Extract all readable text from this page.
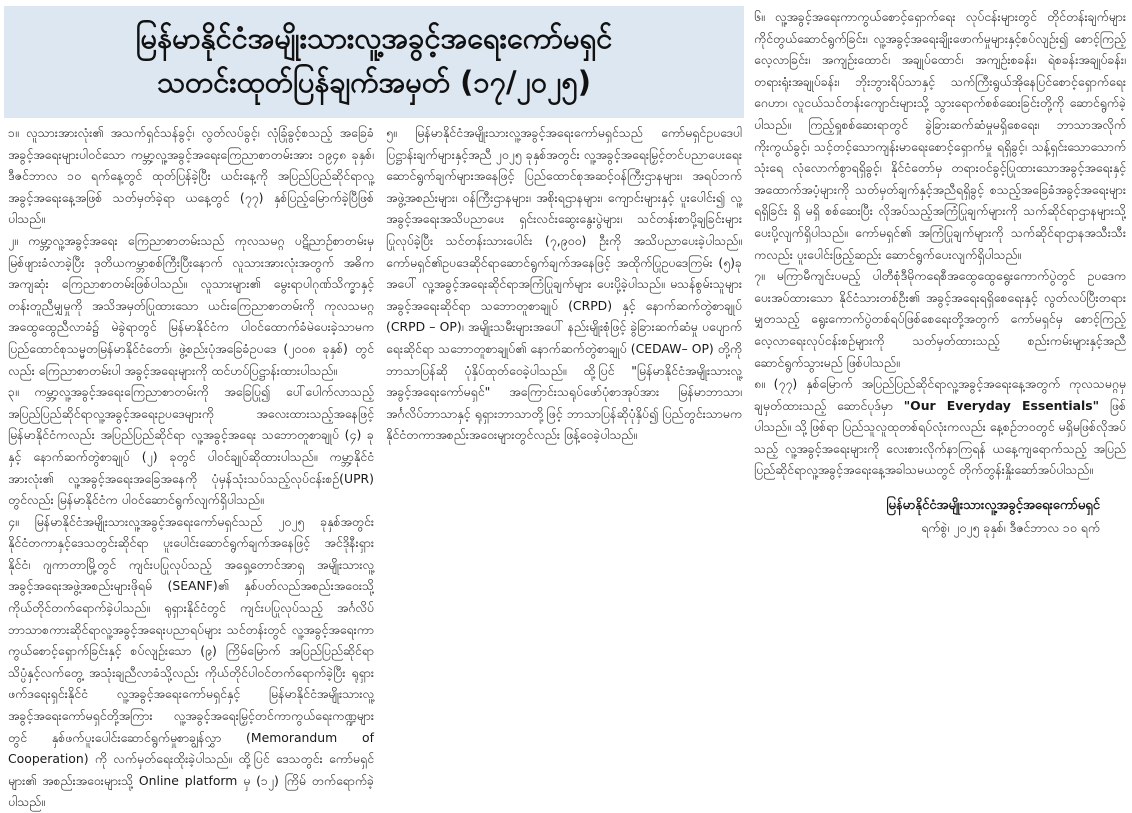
မြန်မာနိုင်ငံအမျိုးသားလူ့အခွင့်အရေးကော်မရှင်
သတင်းထုတ်ပြန်ချက်အမှတ် (၁၇/၂၀၂၅)

၁။ လူသားအားလုံး၏ အသက်ရှင်သန်ခွင့်၊ လွတ်လပ်ခွင့်၊ လုံခြုံခွင့်စသည့် အခြေခံအခွင့်အရေးများပါဝင်သော ကမ္ဘာ့လူ့အခွင့်အရေးကြေညာစာတမ်းအား ၁၉၄၈ ခုနှစ်၊ ဒီဇင်ဘာလ ၁၀ ရက်နေ့တွင် ထုတ်ပြန်ခဲ့ပြီး ယင်းနေ့ကို အပြည်ပြည်ဆိုင်ရာလူ့အခွင့်အရေးနေ့အဖြစ် သတ်မှတ်ခဲ့ရာ ယနေ့တွင် (၇၇) နှစ်ပြည့်မြောက်ခဲ့ပြီဖြစ်ပါသည်။

၂။ ကမ္ဘာ့လူ့အခွင့်အရေး ကြေညာစာတမ်းသည် ကုလသမဂ္ဂ ပဋိညာဉ်စာတမ်းမှ မြစ်ဖျားခံလာခဲ့ပြီး ဒုတိယကမ္ဘာစစ်ကြီးပြီးနောက် လူသားအားလုံးအတွက် အဓိကအကျဆုံး ကြေညာစာတမ်းဖြစ်ပါသည်။ လူသားများ၏ မွေးရာပါဂုဏ်သိက္ခာနှင့် တန်းတူညီမျှမှုကို အသိအမှတ်ပြုထားသော ယင်းကြေညာစာတမ်းကို ကုလသမဂ္ဂ အထွေထွေညီလာခံ၌ မဲခွဲရာတွင် မြန်မာနိုင်ငံက ပါဝင်ထောက်ခံမဲပေးခဲ့သာမက ပြည်ထောင်စုသမ္မတမြန်မာနိုင်ငံတော်၊ ဖွဲ့စည်းပုံအခြေခံဥပဒေ (၂၀၀၈ ခုနှစ်) တွင်လည်း ကြေညာစာတမ်းပါ အခွင့်အရေးများကို ထင်ဟပ်ပြဋ္ဌာန်းထားပါသည်။

၃။ ကမ္ဘာ့လူ့အခွင့်အရေးကြေညာစာတမ်းကို အခြေပြု၍ ပေါ်ပေါက်လာသည့် အပြည်ပြည်ဆိုင်ရာလူ့အခွင့်အရေးဥပဒေများကို အလေးထားသည့်အနေဖြင့် မြန်မာနိုင်ငံကလည်း အပြည်ပြည်ဆိုင်ရာ လူ့အခွင့်အရေး သဘောတူစာချုပ် (၄) ခုနှင့် နောက်ဆက်တွဲစာချုပ် (၂) ခုတွင် ပါဝင်ချုပ်ဆိုထားပါသည်။ ကမ္ဘာ့နိုင်ငံအားလုံး၏ လူ့အခွင့်အရေးအခြေအနေကို ပုံမှန်သုံးသပ်သည့်လုပ်ငန်းစဉ်(UPR) တွင်လည်း မြန်မာနိုင်ငံက ပါဝင်ဆောင်ရွက်လျက်ရှိပါသည်။

၄။ မြန်မာနိုင်ငံအမျိုးသားလူ့အခွင့်အရေးကော်မရှင်သည် ၂၀၂၅ ခုနှစ်အတွင်း နိုင်ငံတကာနှင့်ဒေသတွင်းဆိုင်ရာ ပူးပေါင်းဆောင်ရွက်ချက်အနေဖြင့် အင်ဒိုနီးရှားနိုင်ငံ၊ ဂျကာတာမြို့တွင် ကျင်းပပြုလုပ်သည့် အရှေ့တောင်အာရှ အမျိုးသားလူ့အခွင့်အရေးအဖွဲ့အစည်းများဖိုရမ် (SEANF)၏ နှစ်ပတ်လည်အစည်းအဝေးသို့ ကိုယ်တိုင်တက်ရောက်ခဲ့ပါသည်။ ရုရှားနိုင်ငံတွင် ကျင်းပပြုလုပ်သည့် အင်္ဂလိပ်ဘာသာစကားဆိုင်ရာလူ့အခွင့်အရေးပညာရပ်များ သင်တန်းတွင် လူ့အခွင့်အရေးကာကွယ်စောင့်ရှောက်ခြင်းနှင့် စပ်လျဉ်းသော (၉) ကြိမ်မြောက် အပြည်ပြည်ဆိုင်ရာ သိပ္ပံနှင့်လက်တွေ့ အသုံးချညီလာခံသို့လည်း ကိုယ်တိုင်ပါဝင်တက်ရောက်ခဲ့ပြီး ရုရှားဖက်ဒရေးရှင်းနိုင်ငံ လူ့အခွင့်အရေးကော်မရှင်နှင့် မြန်မာနိုင်ငံအမျိုးသားလူ့အခွင့်အရေးကော်မရှင်တို့အကြား လူ့အခွင့်အရေးမြှင့်တင်ကာကွယ်ရေးကဏ္ဍများတွင် နှစ်ဖက်ပူးပေါင်းဆောင်ရွက်မှုစာချွန်လွှာ (Memorandum of Cooperation) ကို လက်မှတ်ရေးထိုးခဲ့ပါသည်။ ထို့ပြင် ဒေသတွင်း ကော်မရှင်များ၏ အစည်းအဝေးများသို့ Online platform မှ (၁၂) ကြိမ် တက်ရောက်ခဲ့ပါသည်။

၅။ မြန်မာနိုင်ငံအမျိုးသားလူ့အခွင့်အရေးကော်မရှင်သည် ကော်မရှင်ဥပဒေပါ ပြဋ္ဌာန်းချက်များနှင့်အညီ ၂၀၂၅ ခုနှစ်အတွင်း လူ့အခွင့်အရေးမြှင့်တင်ပညာပေးရေး ဆောင်ရွက်ချက်များအနေဖြင့် ပြည်ထောင်စုအဆင့်ဝန်ကြီးဌာနများ၊ အရပ်ဘက်အဖွဲ့အစည်းများ၊ ဝန်ကြီးဌာနများ၊ အစိုးရဌာနများ၊ ကျောင်းများနှင့် ပူးပေါင်း၍ လူ့အခွင့်အရေးအသိပညာပေး ရှင်းလင်းဆွေးနွေးပွဲများ၊ သင်တန်းစာပို့ချခြင်းများ ပြုလုပ်ခဲ့ပြီး သင်တန်းသားပေါင်း (၇,၉၀၀) ဦးကို အသိပညာပေးခဲ့ပါသည်။ ကော်မရှင်၏ဥပဒေဆိုင်ရာဆောင်ရွက်ချက်အနေဖြင့် အထိုက်ပြုဥပဒေကြမ်း (၅)ခုအပေါ် လူ့အခွင့်အရေးဆိုင်ရာအကြံပြုချက်များ ပေးပို့ခဲ့ပါသည်။ မသန်စွမ်းသူများအခွင့်အရေးဆိုင်ရာ သဘောတူစာချုပ် (CRPD) နှင့် နောက်ဆက်တွဲစာချုပ် (CRPD – OP)၊ အမျိုးသမီးများအပေါ် နည်းမျိုးစုံဖြင့် ခွဲခြားဆက်ဆံမှု ပပျောက်ရေးဆိုင်ရာ သဘောတူစာချုပ်၏ နောက်ဆက်တွဲစာချုပ် (CEDAW– OP) တို့ကို ဘာသာပြန်ဆို ပုံနှိပ်ထုတ်ဝေခဲ့ပါသည်။ ထို့ပြင် "မြန်မာနိုင်ငံအမျိုးသားလူ့အခွင့်အရေးကော်မရှင်" အကြောင်းသရုပ်ဖော်ပုံစာအုပ်အား မြန်မာဘာသာ၊ အင်္ဂလိပ်ဘာသာနှင့် ရုရှားဘာသာတို့ဖြင့် ဘာသာပြန်ဆိုပုံနှိပ်၍ ပြည်တွင်းသာမက နိုင်ငံတကာအစည်းအဝေးများတွင်လည်း ဖြန့်ဝေခဲ့ပါသည်။

၆။ လူ့အခွင့်အရေးကာကွယ်စောင့်ရှောက်ရေး လုပ်ငန်းများတွင် တိုင်တန်းချက်များ ကိုင်တွယ်ဆောင်ရွက်ခြင်း၊ လူ့အခွင့်အရေးချိုးဖောက်မှုများနှင့်စပ်လျဉ်း၍ စောင့်ကြည့်လေ့လာခြင်း၊ အကျဉ်းထောင်၊ အချုပ်ထောင်၊ အကျဉ်းစခန်း၊ ရဲစခန်းအချုပ်ခန်း၊ တရားရုံးအချုပ်ခန်း၊ ဘိုးဘွားရိပ်သာနှင့် သက်ကြီးရွယ်အိုနေပြင်စောင့်ရှောက်ရေးဂေဟာ၊ လူငယ်သင်တန်းကျောင်းများသို့ သွားရောက်စစ်ဆေးခြင်းတို့ကို ဆောင်ရွက်ခဲ့ပါသည်။ ကြည့်ရှုစစ်ဆေးရာတွင် ခွဲခြားဆက်ဆံမှုမရှိစေရေး၊ ဘာသာအလိုက် ကိုးကွယ်ခွင့်၊ သင့်တင့်သောကျန်းမာရေးစောင့်ရှောက်မှု ရရှိခွင့်၊ သန့်ရှင်းသောသောက်သုံးရေ လုံလောက်စွာရရှိခွင့်၊ နိုင်ငံတော်မှ တရားဝင်ခွင့်ပြုထားသောအခွင့်အရေးနှင့် အထောက်အပံ့များကို သတ်မှတ်ချက်နှင့်အညီရရှိခွင့် စသည့်အခြေခံအခွင့်အရေးများရရှိခြင်း ရှိ မရှိ စစ်ဆေးပြီး လိုအပ်သည့်အကြံပြုချက်များကို သက်ဆိုင်ရာဌာနများသို့ ပေးပို့လျက်ရှိပါသည်။ ကော်မရှင်၏ အကြံပြုချက်များကို သက်ဆိုင်ရာဌာနအသီးသီးကလည်း ပူးပေါင်းဖြည့်ဆည်း ဆောင်ရွက်ပေးလျက်ရှိပါသည်။

၇။ မကြာမီကျင်းပမည့် ပါတီစုံဒီမိုကရေစီအထွေထွေရွေးကောက်ပွဲတွင် ဥပဒေက ပေးအပ်ထားသော နိုင်ငံသားတစ်ဦး၏ အခွင့်အရေးရရှိစေရေးနှင့် လွတ်လပ်ပြီးတရားမျှတသည့် ရွေးကောက်ပွဲတစ်ရပ်ဖြစ်စေရေးတို့အတွက် ကော်မရှင်မှ စောင့်ကြည့်လေ့လာရေးလုပ်ငန်းစဉ်များကို သတ်မှတ်ထားသည့် စည်းကမ်းများနှင့်အညီ ဆောင်ရွက်သွားမည် ဖြစ်ပါသည်။

၈။ (၇၇) နှစ်မြောက် အပြည်ပြည်ဆိုင်ရာလူ့အခွင့်အရေးနေ့အတွက် ကုလသမဂ္ဂမှ ချမှတ်ထားသည့် ဆောင်ပုဒ်မှာ "Our Everyday Essentials" ဖြစ်ပါသည်။ သို့ဖြစ်ရာ ပြည်သူလူထုတစ်ရပ်လုံးကလည်း နေ့စဉ်ဘဝတွင် မရှိမဖြစ်လိုအပ်သည့် လူ့အခွင့်အရေးများကို လေးစားလိုက်နာကြရန် ယနေ့ကျရောက်သည့် အပြည်ပြည်ဆိုင်ရာလူ့အခွင့်အရေးနေ့အခါသမယတွင် တိုက်တွန်းနှိုးဆော်အပ်ပါသည်။

မြန်မာနိုင်ငံအမျိုးသားလူ့အခွင့်အရေးကော်မရှင်

ရက်စွဲ၊ ၂၀၂၅ ခုနှစ်၊ ဒီဇင်ဘာလ ၁၀ ရက်
